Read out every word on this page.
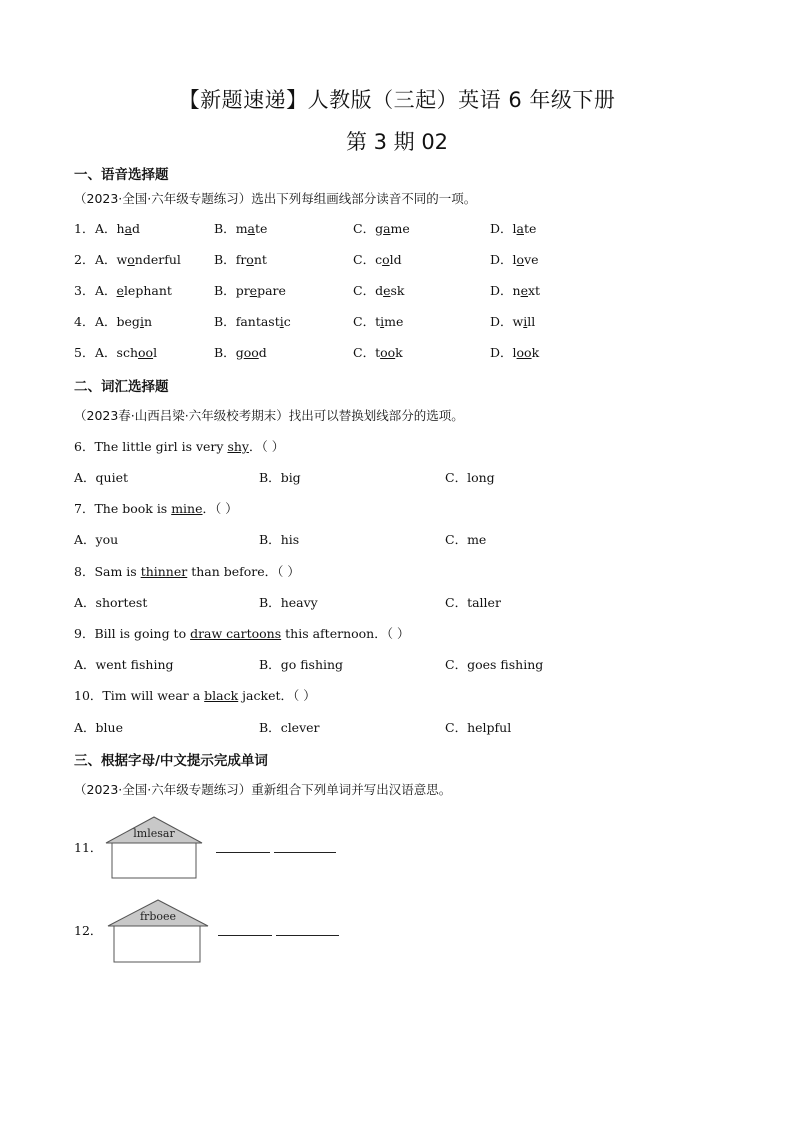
【新题速递】人教版（三起）英语 6 年级下册
第 3 期 02
一、语音选择题
（2023·全国·六年级专题练习）选出下列每组画线部分读音不同的一项。
1． A．had	B．mate	C．game	D．late
2． A．wonderful	B．front	C．cold	D．love
3． A．elephant	B．prepare	C．desk	D．next
4． A．begin	B．fantastic	C．time	D．will
5． A．school	B．good	C．took	D．look
二、词汇选择题
（2023春·山西吕梁·六年级校考期末）找出可以替换划线部分的选项。
6．The little girl is very shy．（ ）
A．quiet	B．big	C．long
7．The book is mine．（ ）
A．you	B．his	C．me
8．Sam is thinner than before．（ ）
A．shortest	B．heavy	C．taller
9．Bill is going to draw cartoons this afternoon．（ ）
A．went fishing	B．go fishing	C．goes fishing
10．Tim will wear a black jacket．（ ）
A．blue	B．clever	C．helpful
三、根据字母/中文提示完成单词
（2023·全国·六年级专题练习）重新组合下列单词并写出汉语意思。
11．
lmlesar
12．
frboee
